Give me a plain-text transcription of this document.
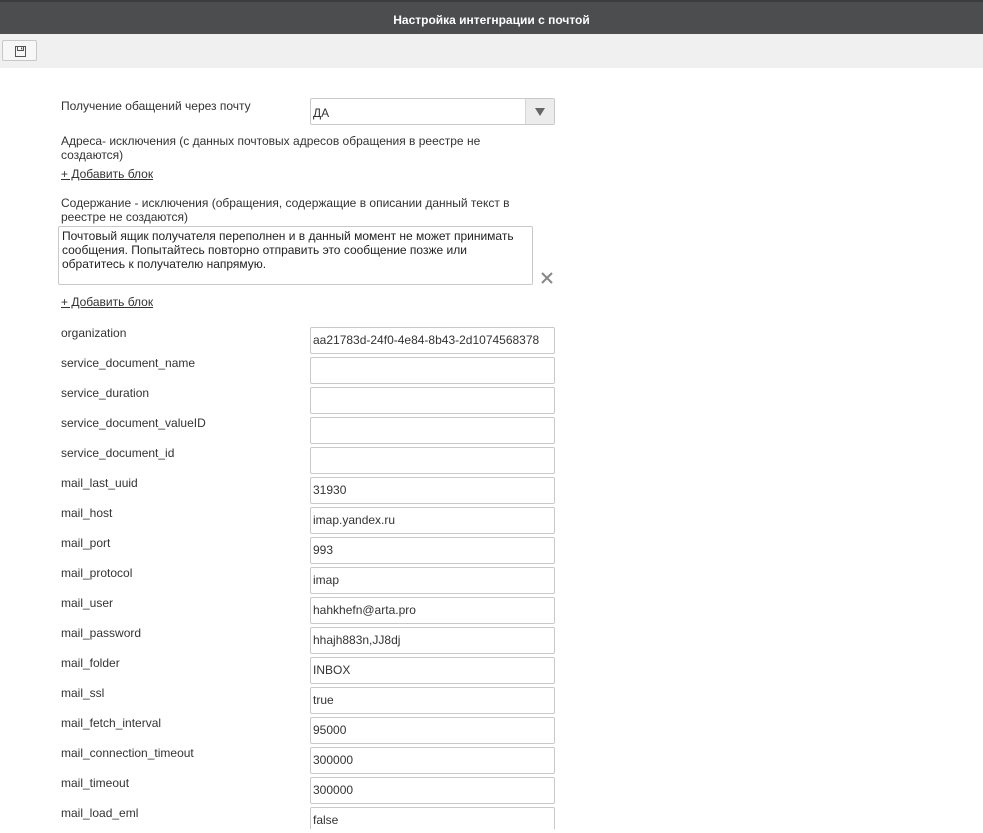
Настройка интегнрации с почтой
Получение обащений через почту	ДА
Адреса- исключения (с данных почтовых адресов обращения в реестре не
создаются)
+ Добавить блок
Содержание - исключения (обращения, содержащие в описании данный текст в
реестре не создаются)
Почтовый ящик получателя переполнен и в данный момент не может принимать сообщения. Попытайтесь повторно отправить это сообщение позже или обратитесь к получателю напрямую.
+ Добавить блок
organization	aa21783d-24f0-4e84-8b43-2d1074568378
service_document_name
service_duration
service_document_valueID
service_document_id
mail_last_uuid	31930
mail_host	imap.yandex.ru
mail_port	993
mail_protocol	imap
mail_user	hahkhefn@arta.pro
mail_password	hhajh883n,JJ8dj
mail_folder	INBOX
mail_ssl	true
mail_fetch_interval	95000
mail_connection_timeout	300000
mail_timeout	300000
mail_load_eml	false
